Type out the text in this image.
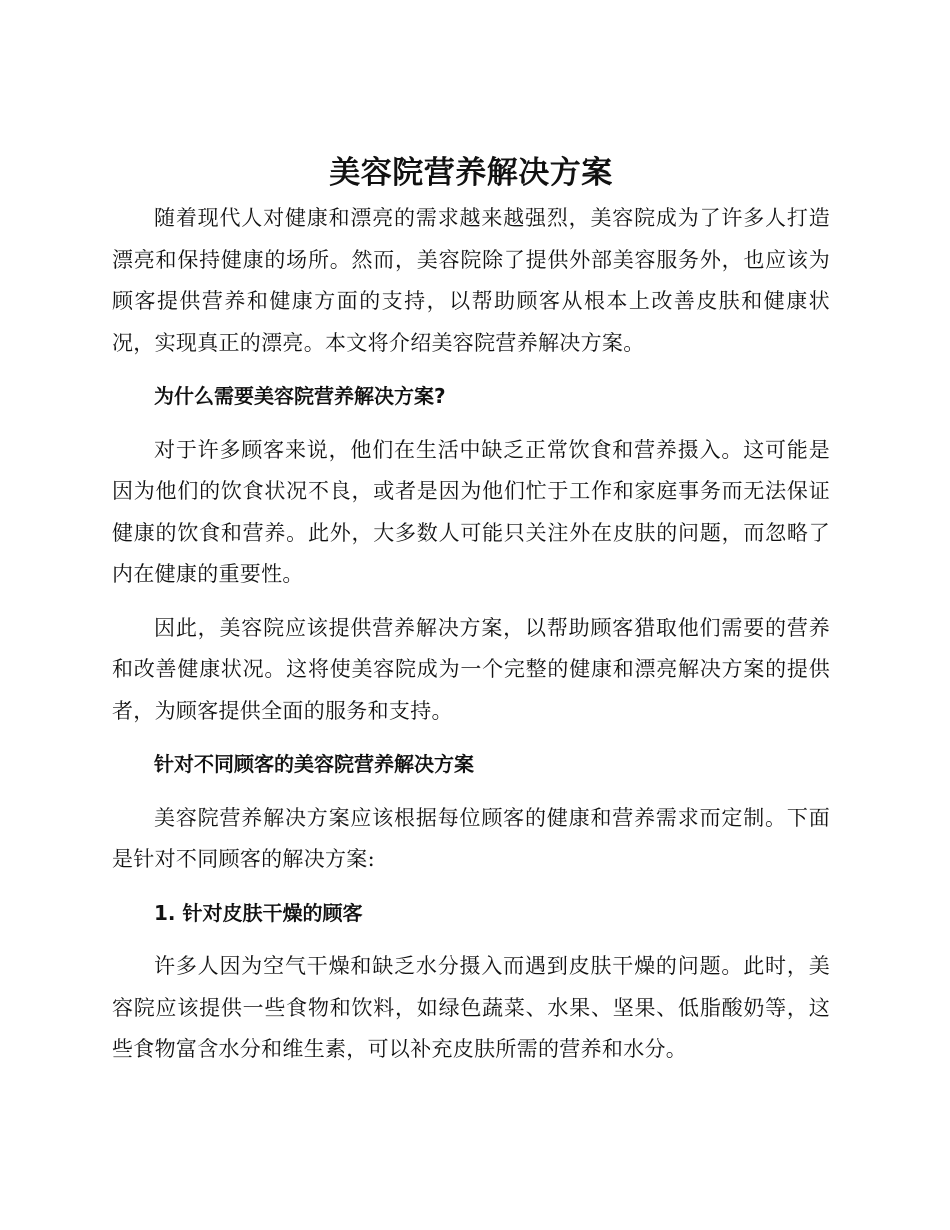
美容院营养解决方案

随着现代人对健康和漂亮的需求越来越强烈，美容院成为了许多人打造漂亮和保持健康的场所。然而，美容院除了提供外部美容服务外，也应该为顾客提供营养和健康方面的支持，以帮助顾客从根本上改善皮肤和健康状况，实现真正的漂亮。本文将介绍美容院营养解决方案。

为什么需要美容院营养解决方案?

对于许多顾客来说，他们在生活中缺乏正常饮食和营养摄入。这可能是因为他们的饮食状况不良，或者是因为他们忙于工作和家庭事务而无法保证健康的饮食和营养。此外，大多数人可能只关注外在皮肤的问题，而忽略了内在健康的重要性。

因此，美容院应该提供营养解决方案，以帮助顾客猎取他们需要的营养和改善健康状况。这将使美容院成为一个完整的健康和漂亮解决方案的提供者，为顾客提供全面的服务和支持。

针对不同顾客的美容院营养解决方案

美容院营养解决方案应该根据每位顾客的健康和营养需求而定制。下面是针对不同顾客的解决方案:

1. 针对皮肤干燥的顾客

许多人因为空气干燥和缺乏水分摄入而遇到皮肤干燥的问题。此时，美容院应该提供一些食物和饮料，如绿色蔬菜、水果、坚果、低脂酸奶等，这些食物富含水分和维生素，可以补充皮肤所需的营养和水分。
